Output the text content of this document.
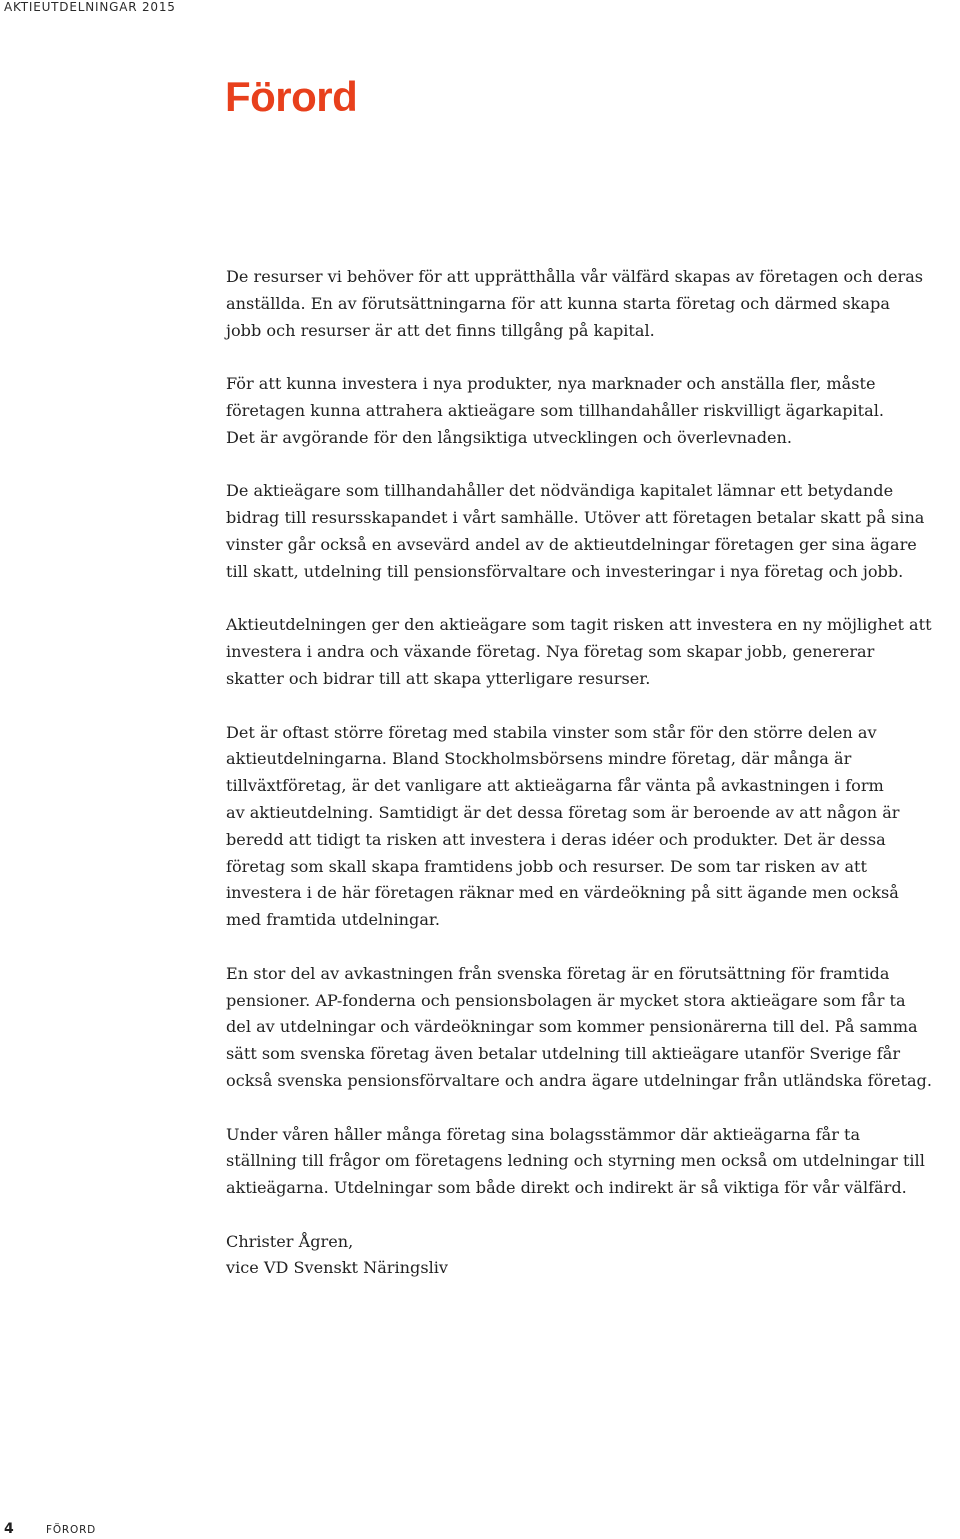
AKTIEUTDELNINGAR 2015
Förord

De resurser vi behöver för att upprätthålla vår välfärd skapas av företagen och deras
anställda. En av förutsättningarna för att kunna starta företag och därmed skapa
jobb och resurser är att det finns tillgång på kapital.

För att kunna investera i nya produkter, nya marknader och anställa fler, måste
företagen kunna attrahera aktieägare som tillhandahåller riskvilligt ägarkapital.
Det är avgörande för den långsiktiga utvecklingen och överlevnaden.

De aktieägare som tillhandahåller det nödvändiga kapitalet lämnar ett betydande
bidrag till resursskapandet i vårt samhälle. Utöver att företagen betalar skatt på sina
vinster går också en avsevärd andel av de aktieutdelningar företagen ger sina ägare
till skatt, utdelning till pensionsförvaltare och investeringar i nya företag och jobb.

Aktieutdelningen ger den aktieägare som tagit risken att investera en ny möjlighet att
investera i andra och växande företag. Nya företag som skapar jobb, genererar
skatter och bidrar till att skapa ytterligare resurser.

Det är oftast större företag med stabila vinster som står för den större delen av
aktieutdelningarna. Bland Stockholmsbörsens mindre företag, där många är
tillväxtföretag, är det vanligare att aktieägarna får vänta på avkastningen i form
av aktieutdelning. Samtidigt är det dessa företag som är beroende av att någon är
beredd att tidigt ta risken att investera i deras idéer och produkter. Det är dessa
företag som skall skapa framtidens jobb och resurser. De som tar risken av att
investera i de här företagen räknar med en värdeökning på sitt ägande men också
med framtida utdelningar.

En stor del av avkastningen från svenska företag är en förutsättning för framtida
pensioner. AP-fonderna och pensionsbolagen är mycket stora aktieägare som får ta
del av utdelningar och värdeökningar som kommer pensionärerna till del. På samma
sätt som svenska företag även betalar utdelning till aktieägare utanför Sverige får
också svenska pensionsförvaltare och andra ägare utdelningar från utländska företag.

Under våren håller många företag sina bolagsstämmor där aktieägarna får ta
ställning till frågor om företagens ledning och styrning men också om utdelningar till
aktieägarna. Utdelningar som både direkt och indirekt är så viktiga för vår välfärd.

Christer Ågren,
vice VD Svenskt Näringsliv

4	FÖRORD
